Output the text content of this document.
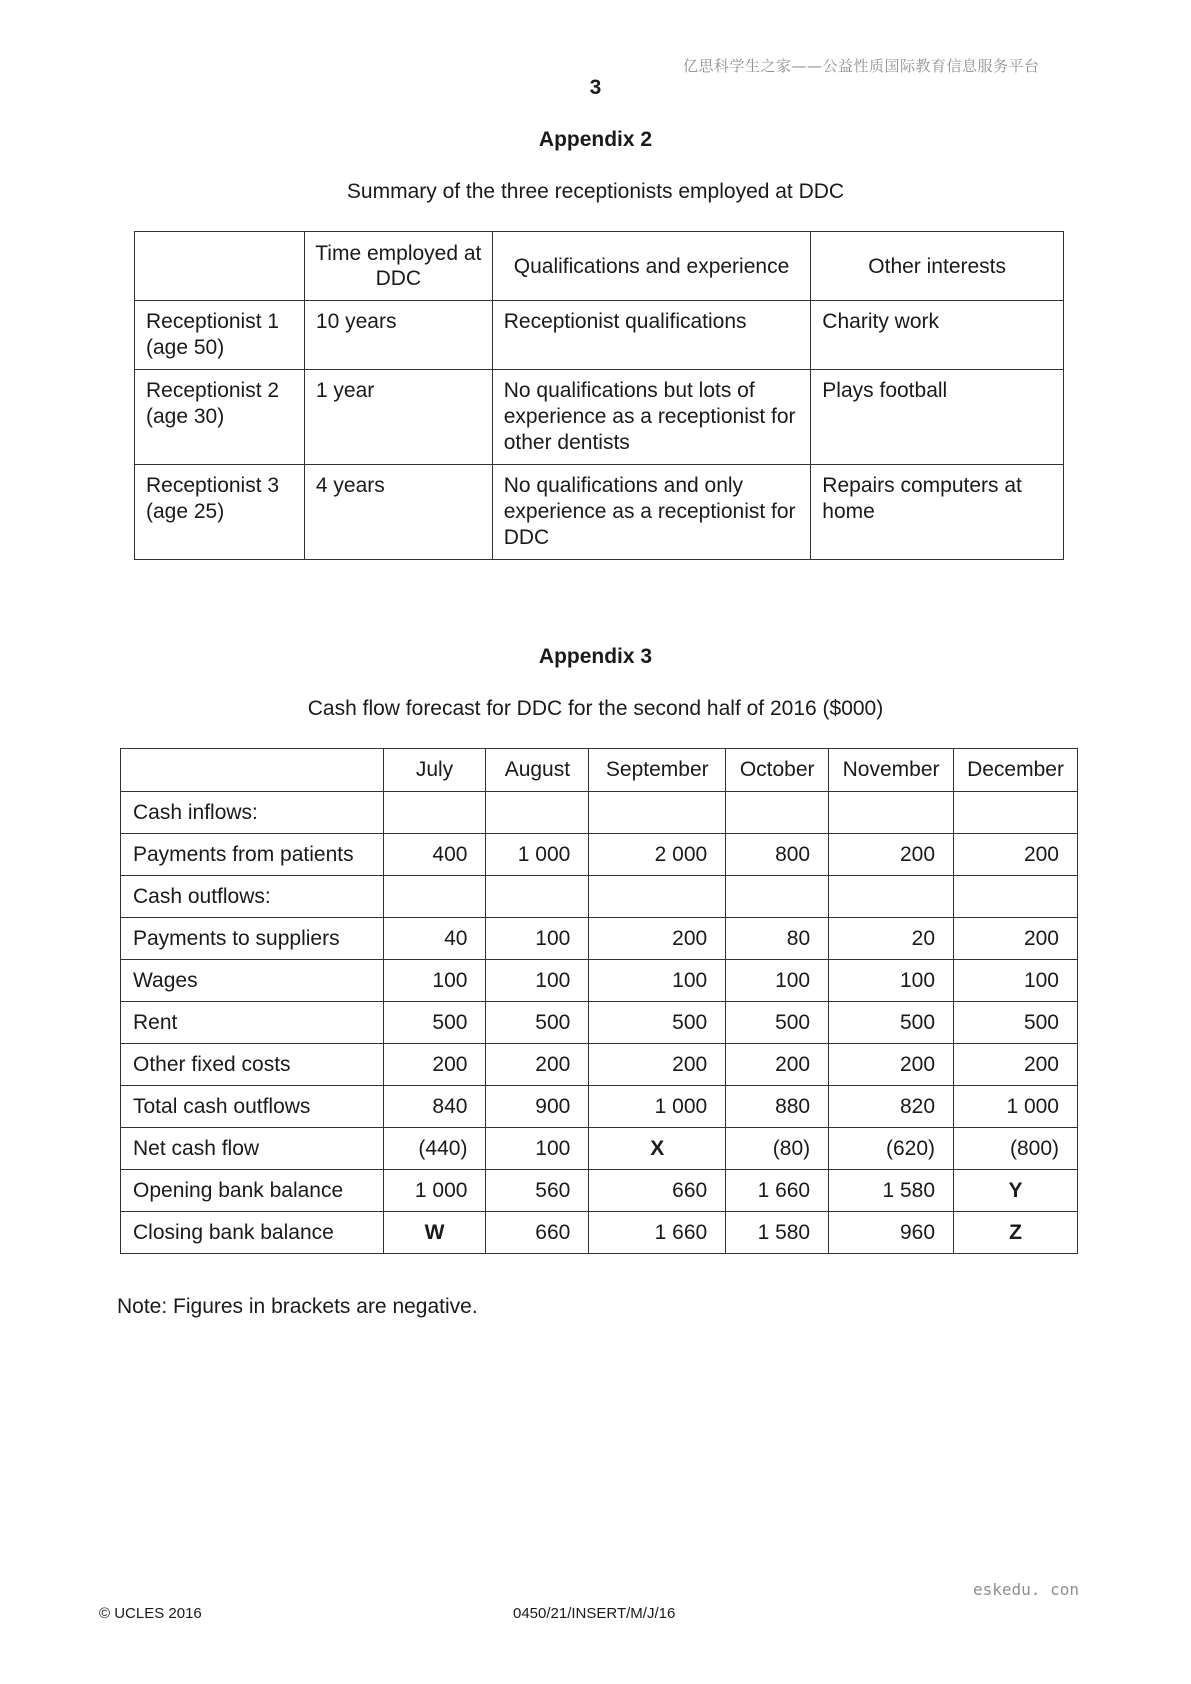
亿思科学生之家——公益性质国际教育信息服务平台
3
Appendix 2
Summary of the three receptionists employed at DDC
	Time employed at DDC	Qualifications and experience	Other interests
Receptionist 1 (age 50)	10 years	Receptionist qualifications	Charity work
Receptionist 2 (age 30)	1 year	No qualifications but lots of experience as a receptionist for other dentists	Plays football
Receptionist 3 (age 25)	4 years	No qualifications and only experience as a receptionist for DDC	Repairs computers at home
Appendix 3
Cash flow forecast for DDC for the second half of 2016 ($000)
	July	August	September	October	November	December
Cash inflows:						
Payments from patients	400	1 000	2 000	800	200	200
Cash outflows:						
Payments to suppliers	40	100	200	80	20	200
Wages	100	100	100	100	100	100
Rent	500	500	500	500	500	500
Other fixed costs	200	200	200	200	200	200
Total cash outflows	840	900	1 000	880	820	1 000
Net cash flow	(440)	100	X	(80)	(620)	(800)
Opening bank balance	1 000	560	660	1 660	1 580	Y
Closing bank balance	W	660	1 660	1 580	960	Z
Note: Figures in brackets are negative.
eskedu. con
© UCLES 2016	0450/21/INSERT/M/J/16
